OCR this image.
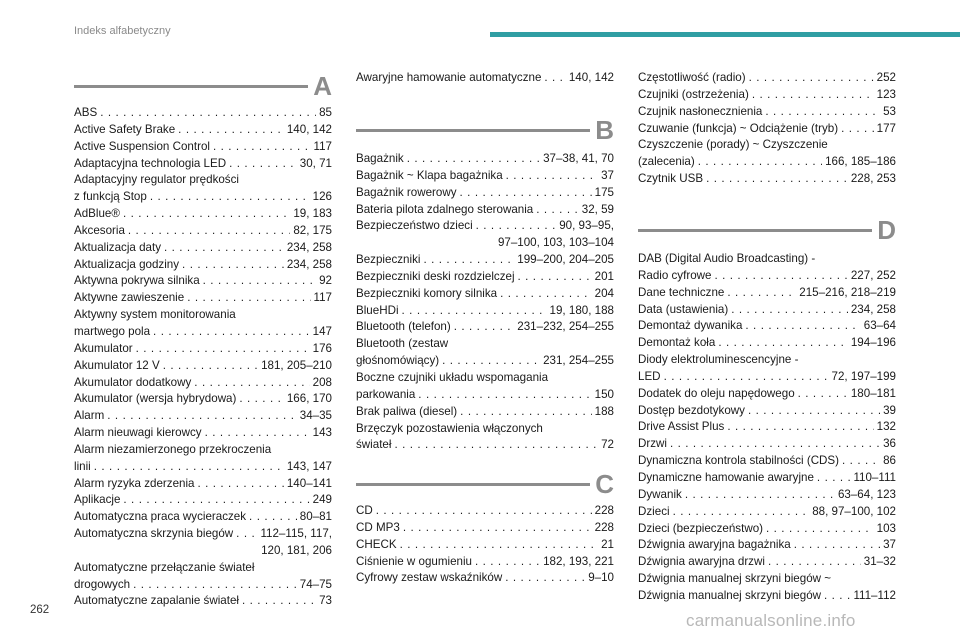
Indeks alfabetyczny
262
carmanualsonline.info
A
ABS . . .	85
Active Safety Brake . . .	140, 142
Active Suspension Control . . .	117
Adaptacyjna technologia LED . . .	30, 71
Adaptacyjny regulator prędkości
z funkcją Stop . . .	126
AdBlue® . . .	19, 183
Akcesoria . . .	82, 175
Aktualizacja daty . . .	234, 258
Aktualizacja godziny . . .	234, 258
Aktywna pokrywa silnika . . .	92
Aktywne zawieszenie . . .	117
Aktywny system monitorowania
martwego pola . . .	147
Akumulator . . .	176
Akumulator 12 V . . .	181, 205–210
Akumulator dodatkowy . . .	208
Akumulator (wersja hybrydowa) . . .	166, 170
Alarm . . .	34–35
Alarm nieuwagi kierowcy . . .	143
Alarm niezamierzonego przekroczenia
linii . . .	143, 147
Alarm ryzyka zderzenia . . .	140–141
Aplikacje . . .	249
Automatyczna praca wycieraczek . . .	80–81
Automatyczna skrzynia biegów . . . 112–115, 117,
120, 181, 206
Automatyczne przełączanie świateł
drogowych . . .	74–75
Automatyczne zapalanie świateł . . .	73
Awaryjne hamowanie automatyczne . . . 140, 142
B
Bagażnik . . .	37–38, 41, 70
Bagażnik ~ Klapa bagażnika . . .	37
Bagażnik rowerowy . . .	175
Bateria pilota zdalnego sterowania . . .	32, 59
Bezpieczeństwo dzieci . . .	90, 93–95,
97–100, 103, 103–104
Bezpieczniki . . .	199–200, 204–205
Bezpieczniki deski rozdzielczej . . .	201
Bezpieczniki komory silnika . . .	204
BlueHDi . . .	19, 180, 188
Bluetooth (telefon) . . .	231–232, 254–255
Bluetooth (zestaw
głośnomówiący) . . .	231, 254–255
Boczne czujniki układu wspomagania
parkowania . . .	150
Brak paliwa (diesel) . . .	188
Brzęczyk pozostawienia włączonych
świateł . . .	72
C
CD . . .	228
CD MP3 . . .	228
CHECK . . .	21
Ciśnienie w ogumieniu . . .	182, 193, 221
Cyfrowy zestaw wskaźników . . .	9–10
Częstotliwość (radio) . . .	252
Czujniki (ostrzeżenia) . . .	123
Czujnik nasłonecznienia . . .	53
Czuwanie (funkcja) ~ Odciążenie (tryb) . . .	177
Czyszczenie (porady) ~ Czyszczenie
(zalecenia) . . .	166, 185–186
Czytnik USB . . .	228, 253
D
DAB (Digital Audio Broadcasting) -
Radio cyfrowe . . .	227, 252
Dane techniczne . . .	215–216, 218–219
Data (ustawienia) . . .	234, 258
Demontaż dywanika . . .	63–64
Demontaż koła . . .	194–196
Diody elektroluminescencyjne -
LED . . .	72, 197–199
Dodatek do oleju napędowego . . .	180–181
Dostęp bezdotykowy . . .	39
Drive Assist Plus . . .	132
Drzwi . . .	36
Dynamiczna kontrola stabilności (CDS) . . .	86
Dynamiczne hamowanie awaryjne . . .	110–111
Dywanik . . .	63–64, 123
Dzieci . . .	88, 97–100, 102
Dzieci (bezpieczeństwo) . . .	103
Dźwignia awaryjna bagażnika . . .	37
Dźwignia awaryjna drzwi . . .	31–32
Dźwignia manualnej skrzyni biegów ~
Dźwignia manualnej skrzyni biegów . . .	111–112
